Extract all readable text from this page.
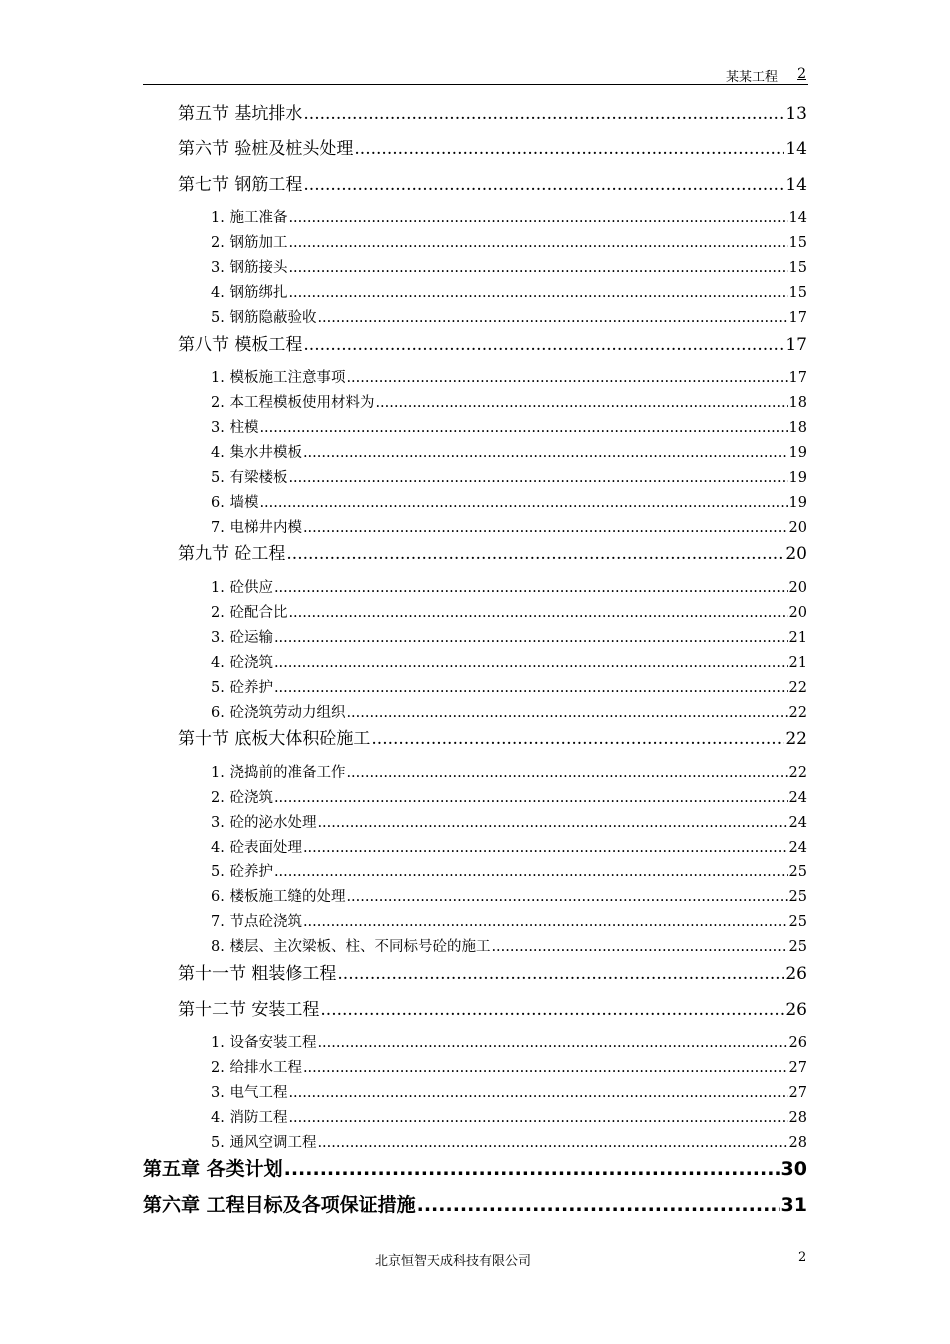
某某工程 2
第五节 基坑排水 .....	13
第六节 验桩及桩头处理 .....	14
第七节 钢筋工程 .....	14
1. 施工准备 .....	14
2. 钢筋加工 .....	15
3. 钢筋接头 .....	15
4. 钢筋绑扎 .....	15
5. 钢筋隐蔽验收 .....	17
第八节 模板工程 .....	17
1. 模板施工注意事项 .....	17
2. 本工程模板使用材料为 .....	18
3. 柱模 .....	18
4. 集水井模板 .....	19
5. 有梁楼板 .....	19
6. 墙模 .....	19
7. 电梯井内模 .....	20
第九节 砼工程 .....	20
1. 砼供应 .....	20
2. 砼配合比 .....	20
3. 砼运输 .....	21
4. 砼浇筑 .....	21
5. 砼养护 .....	22
6. 砼浇筑劳动力组织 .....	22
第十节 底板大体积砼施工 .....	22
1. 浇捣前的准备工作 .....	22
2. 砼浇筑 .....	24
3. 砼的泌水处理 .....	24
4. 砼表面处理 .....	24
5. 砼养护 .....	25
6. 楼板施工缝的处理 .....	25
7. 节点砼浇筑 .....	25
8. 楼层、主次梁板、柱、不同标号砼的施工 .....	25
第十一节 粗装修工程 .....	26
第十二节 安装工程 .....	26
1. 设备安装工程 .....	26
2. 给排水工程 .....	27
3. 电气工程 .....	27
4. 消防工程 .....	28
5. 通风空调工程 .....	28
第五章 各类计划 .....	30
第六章 工程目标及各项保证措施 .....	31
北京恒智天成科技有限公司	2
